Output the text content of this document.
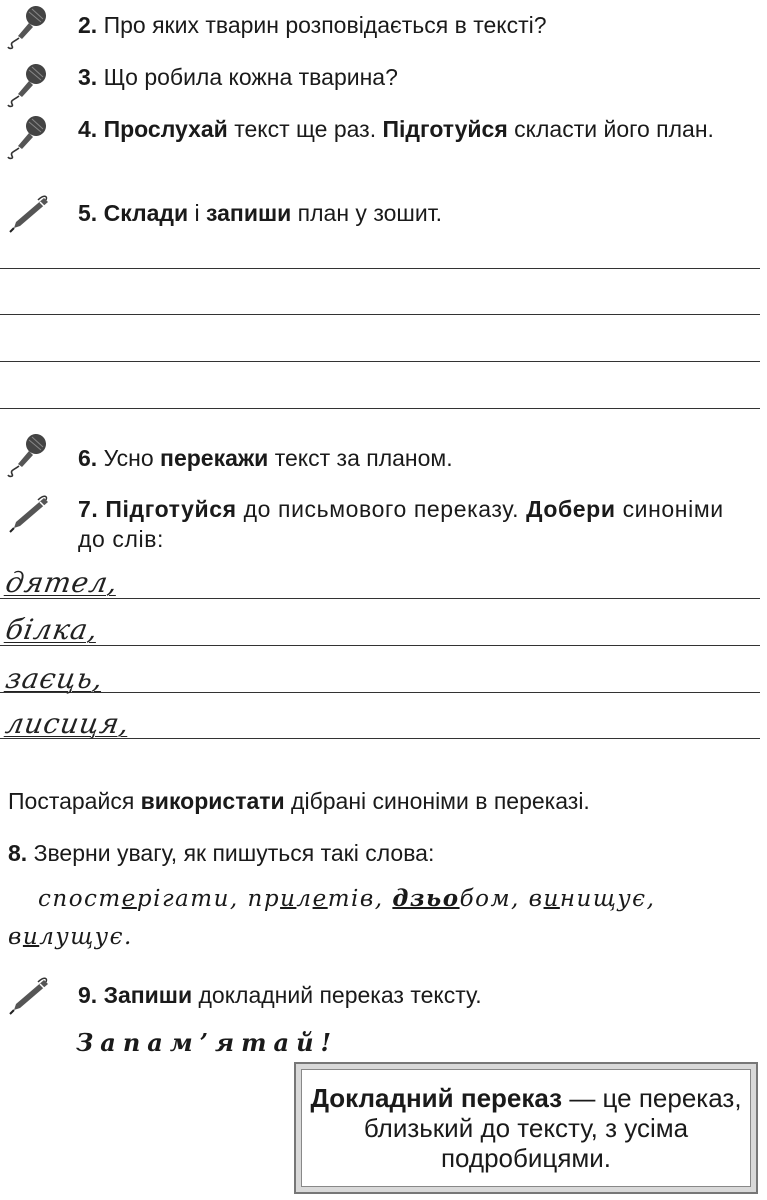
2. Про яких тварин розповідається в тексті?
3. Що робила кожна тварина?
4. Прослухай текст ще раз. Підготуйся скласти його план.
5. Склади і запиши план у зошит.
6. Усно перекажи текст за планом.
7. Підготуйся до письмового переказу. Добери синоніми до слів:
дятел,
білка,
заєць,
лисиця,
Постарайся використати дібрані синоніми в переказі.
8. Зверни увагу, як пишуться такі слова:
спостерігати, прилетів, дзьобом, винищує, вилущує.
9. Запиши докладний переказ тексту.
Запам’ятай!
Докладний переказ — це переказ, близький до тексту, з усіма подробицями.
